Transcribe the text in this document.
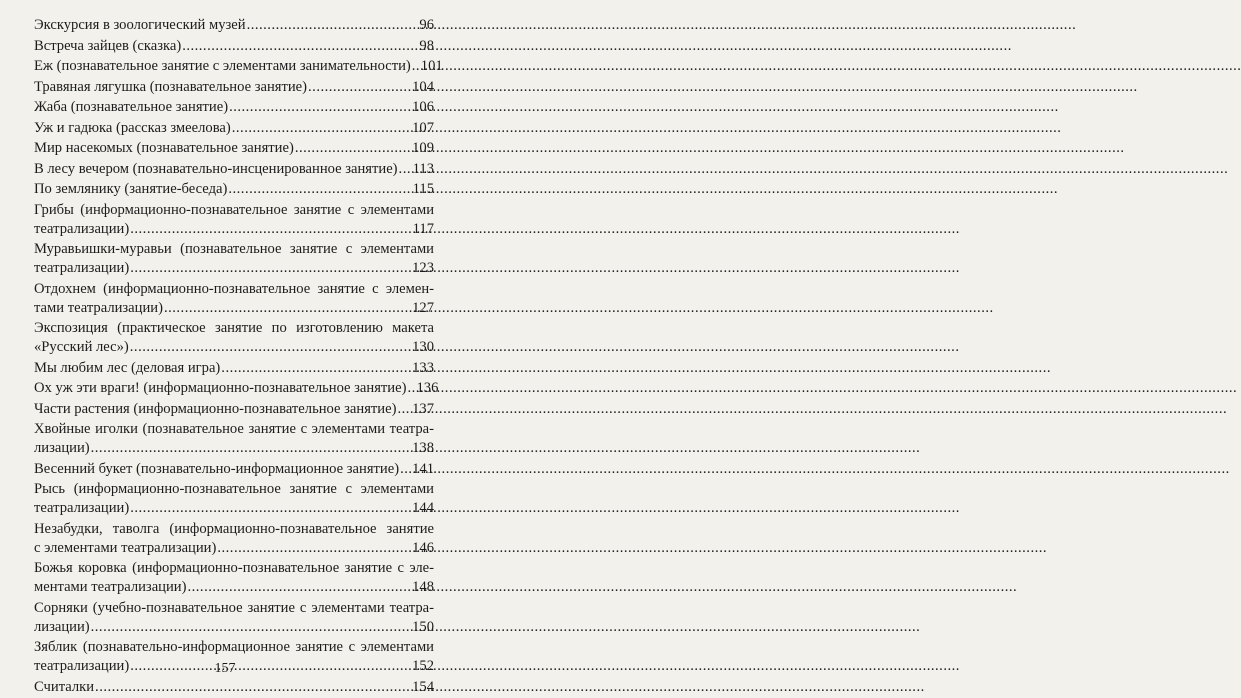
Экскурсия в зоологический музей .....	96
Встреча зайцев (сказка) .....	98
Еж (познавательное занятие с элементами занимательности) ..... 101
Травяная лягушка (познавательное занятие) .....	104
Жаба (познавательное занятие) .....	106
Уж и гадюка (рассказ змеелова) .....	107
Мир насекомых (познавательное занятие) .....	109
В лесу вечером (познавательно-инсценированное занятие) ..... 113
По землянику (занятие-беседа) .....	115
Грибы (информационно-познавательное занятие с элементами
театрализации) .....	117
Муравьишки-муравьи (познавательное занятие с элементами
театрализации) .....	123
Отдохнем (информационно-познавательное занятие с элемен-
тами театрализации) .....	127
Экспозиция (практическое занятие по изготовлению макета
«Русский лес») .....	130
Мы любим лес (деловая игра) .....	133
Ох уж эти враги! (информационно-познавательное занятие) ..... 136
Части растения (информационно-познавательное занятие) ..... 137
Хвойные иголки (познавательное занятие с элементами театра-
лизации) .....	138
Весенний букет (познавательно-информационное занятие) ..... 141
Рысь (информационно-познавательное занятие с элементами
театрализации) .....	144
Незабудки, таволга (информационно-познавательное занятие
с элементами театрализации) .....	146
Божья коровка (информационно-познавательное занятие с эле-
ментами театрализации) .....	148
Сорняки (учебно-познавательное занятие с элементами театра-
лизации) .....	150
Зяблик (познавательно-информационное занятие с элементами
театрализации) .....	152
Считалки .....	154
157
